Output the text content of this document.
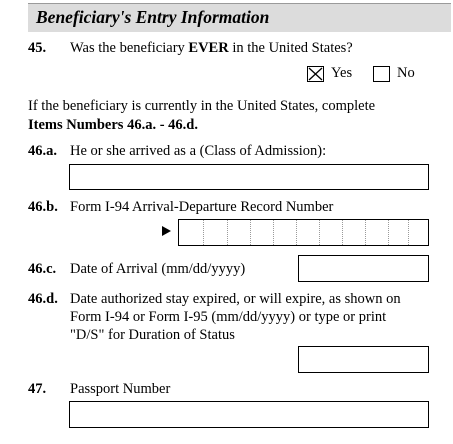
Beneficiary's Entry Information
45. Was the beneficiary EVER in the United States?
Yes	No
If the beneficiary is currently in the United States, complete
Items Numbers 46.a. - 46.d.
46.a. He or she arrived as a (Class of Admission):
46.b. Form I-94 Arrival-Departure Record Number
46.c. Date of Arrival (mm/dd/yyyy)
46.d. Date authorized stay expired, or will expire, as shown on
Form I-94 or Form I-95 (mm/dd/yyyy) or type or print
"D/S" for Duration of Status
47. Passport Number
